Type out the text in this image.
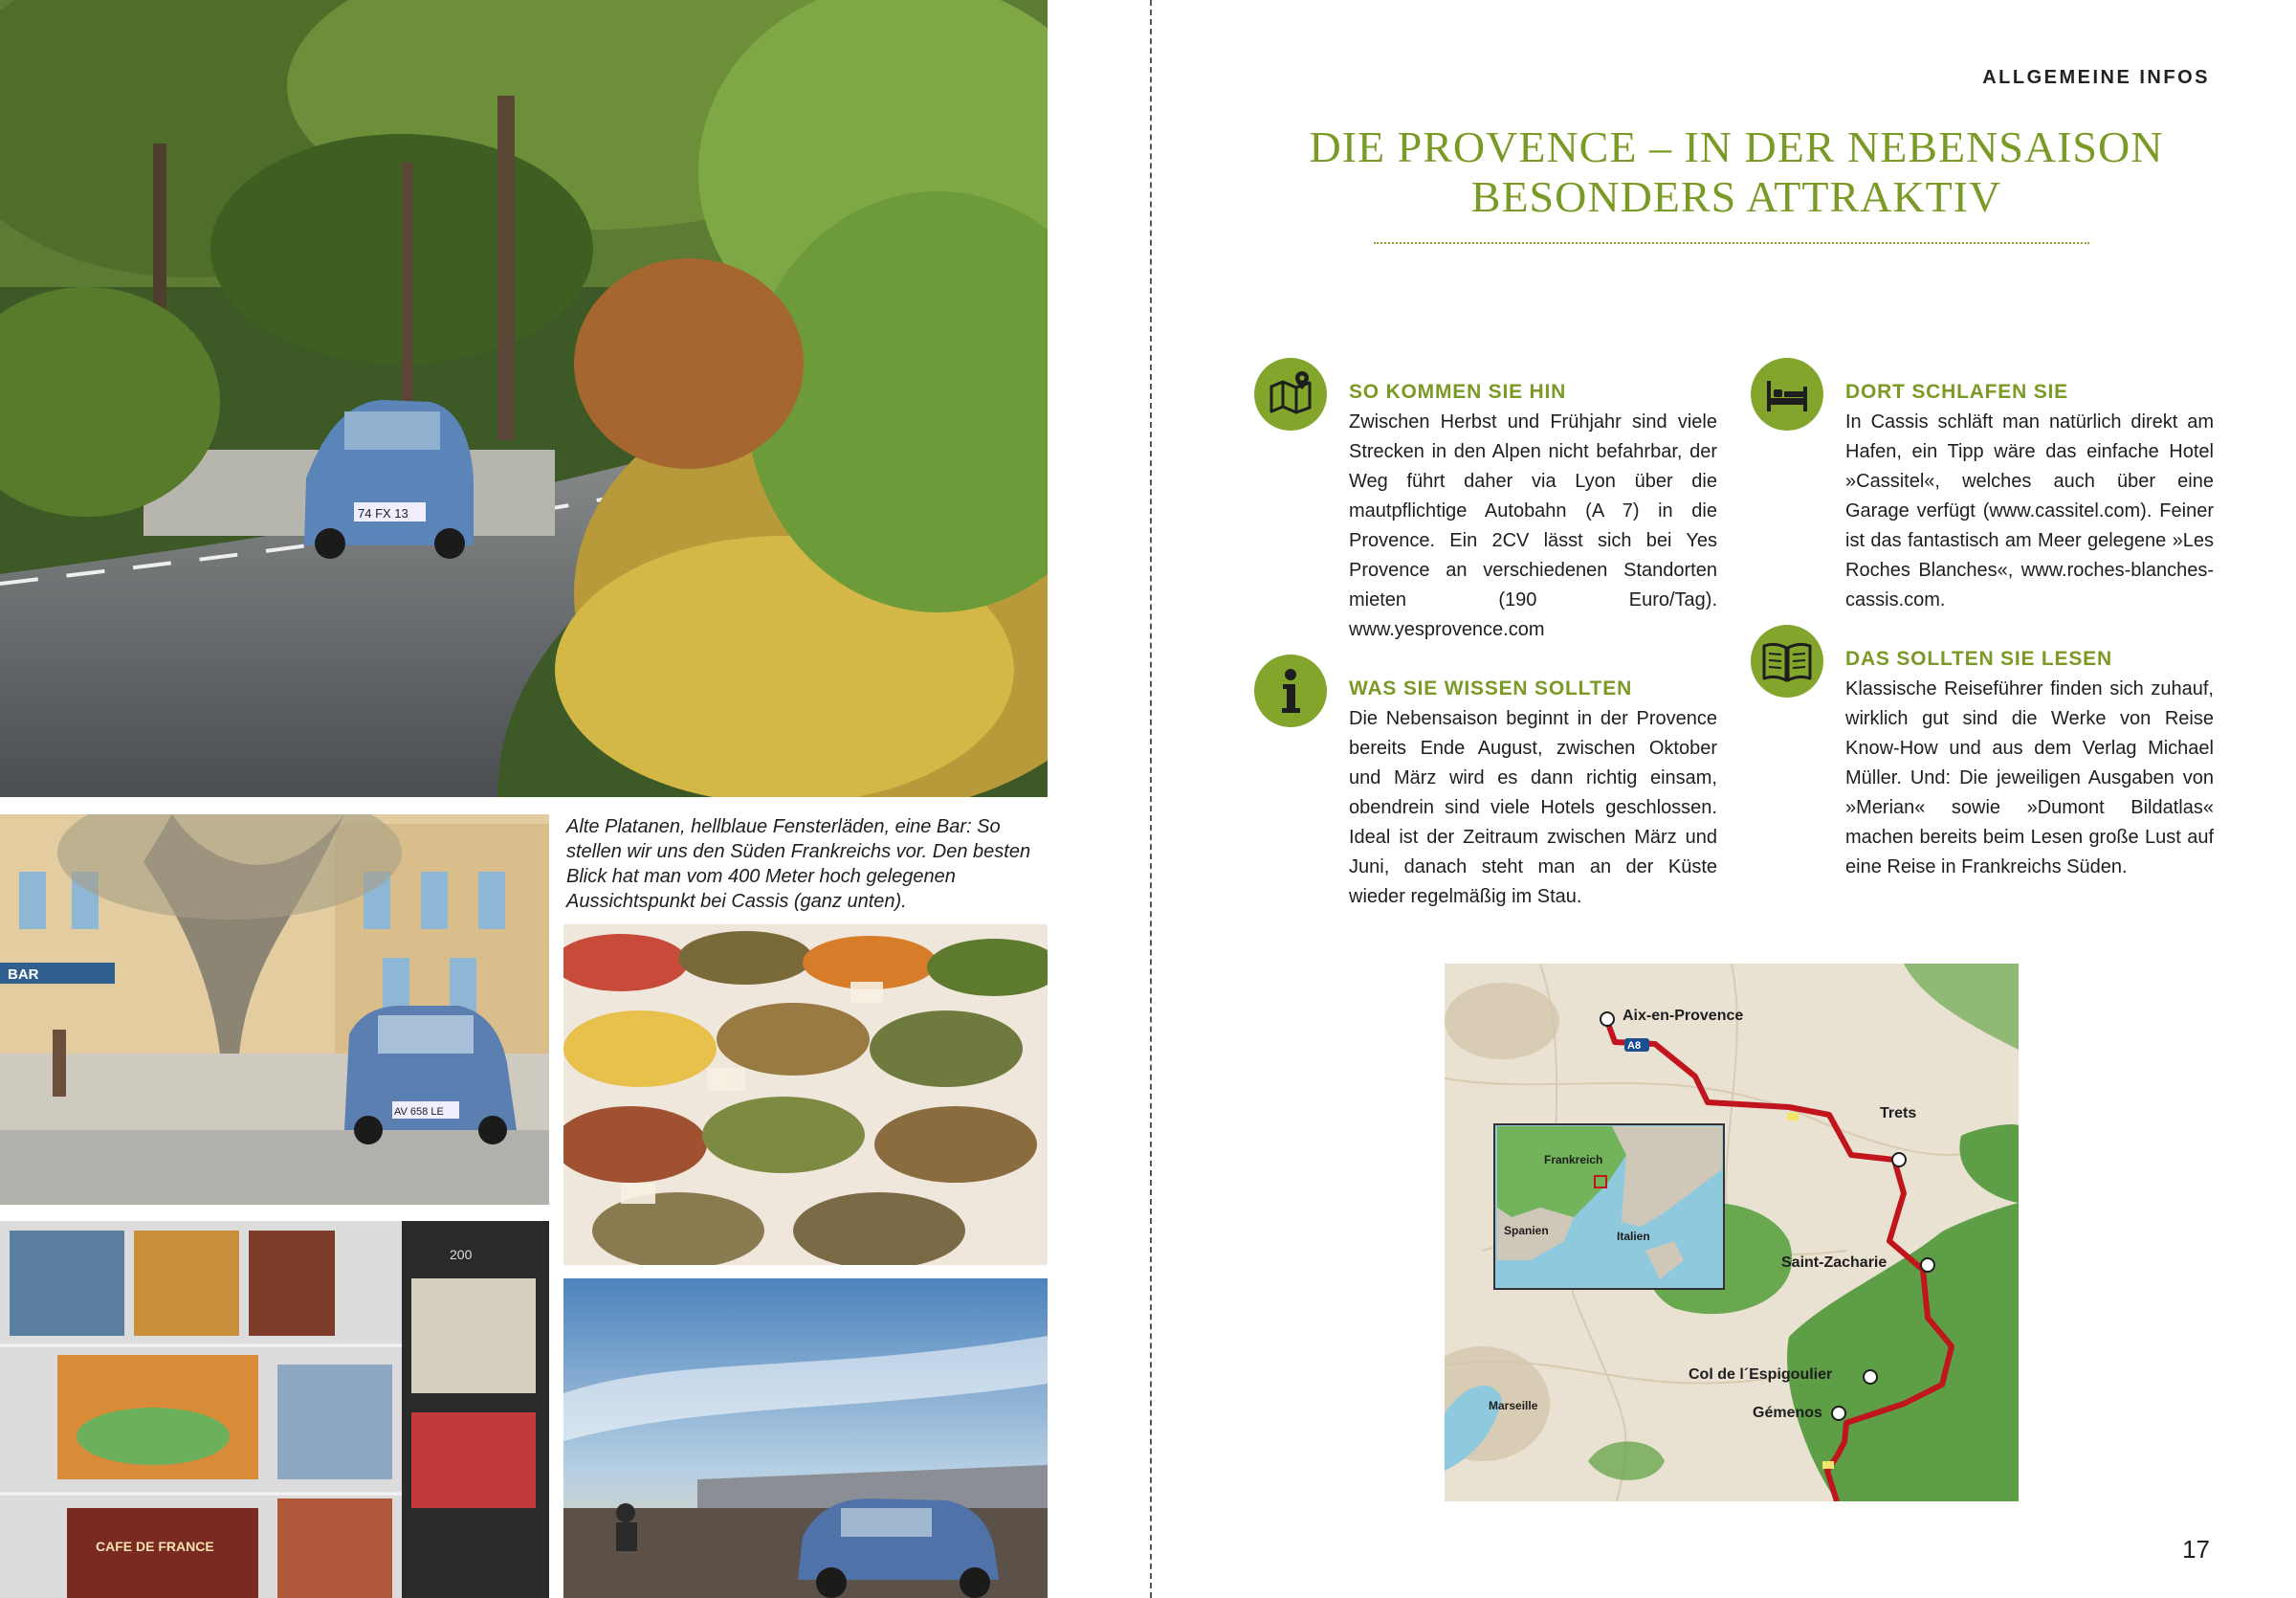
74 FX 13
BAR
AV 658 LE
200
CAFE DE FRANCE
Alte Platanen, hellblaue Fensterläden, eine Bar: So stellen wir uns den Süden Frankreichs vor. Den besten Blick hat man vom 400 Meter hoch gelegenen Aussichtspunkt bei Cassis (ganz unten).
ALLGEMEINE INFOS
DIE PROVENCE – IN DER NEBENSAISON
BESONDERS ATTRAKTIV
SO KOMMEN SIE HIN
Zwischen Herbst und Frühjahr sind viele Strecken in den Alpen nicht befahrbar, der Weg führt daher via Lyon über die mautpflichtige Autobahn (A 7) in die Provence. Ein 2CV lässt sich bei Yes Provence an verschiedenen Standorten mieten (190 Euro/Tag). www.yesprovence.com
WAS SIE WISSEN SOLLTEN
Die Nebensaison beginnt in der Provence bereits Ende August, zwischen Oktober und März wird es dann richtig einsam, obendrein sind viele Hotels geschlossen. Ideal ist der Zeitraum zwischen März und Juni, danach steht man an der Küste wieder regelmäßig im Stau.
DORT SCHLAFEN SIE
In Cassis schläft man natürlich direkt am Hafen, ein Tipp wäre das einfache Hotel »Cassitel«, welches auch über eine Garage verfügt (www.cassitel.com). Feiner ist das fantastisch am Meer gelegene »Les Roches Blanches«, www.roches-blanches-cassis.com.
DAS SOLLTEN SIE LESEN
Klassische Reiseführer finden sich zuhauf, wirklich gut sind die Werke von Reise Know-How und aus dem Verlag Michael Müller. Und: Die jeweiligen Ausgaben von »Merian« sowie »Dumont Bildatlas« machen bereits beim Lesen große Lust auf eine Reise in Frankreichs Süden.
A8
Aix-en-Provence
Trets
Saint-Zacharie
Col de l´Espigoulier
Gémenos
Marseille
Frankreich
Spanien	Italien
17
